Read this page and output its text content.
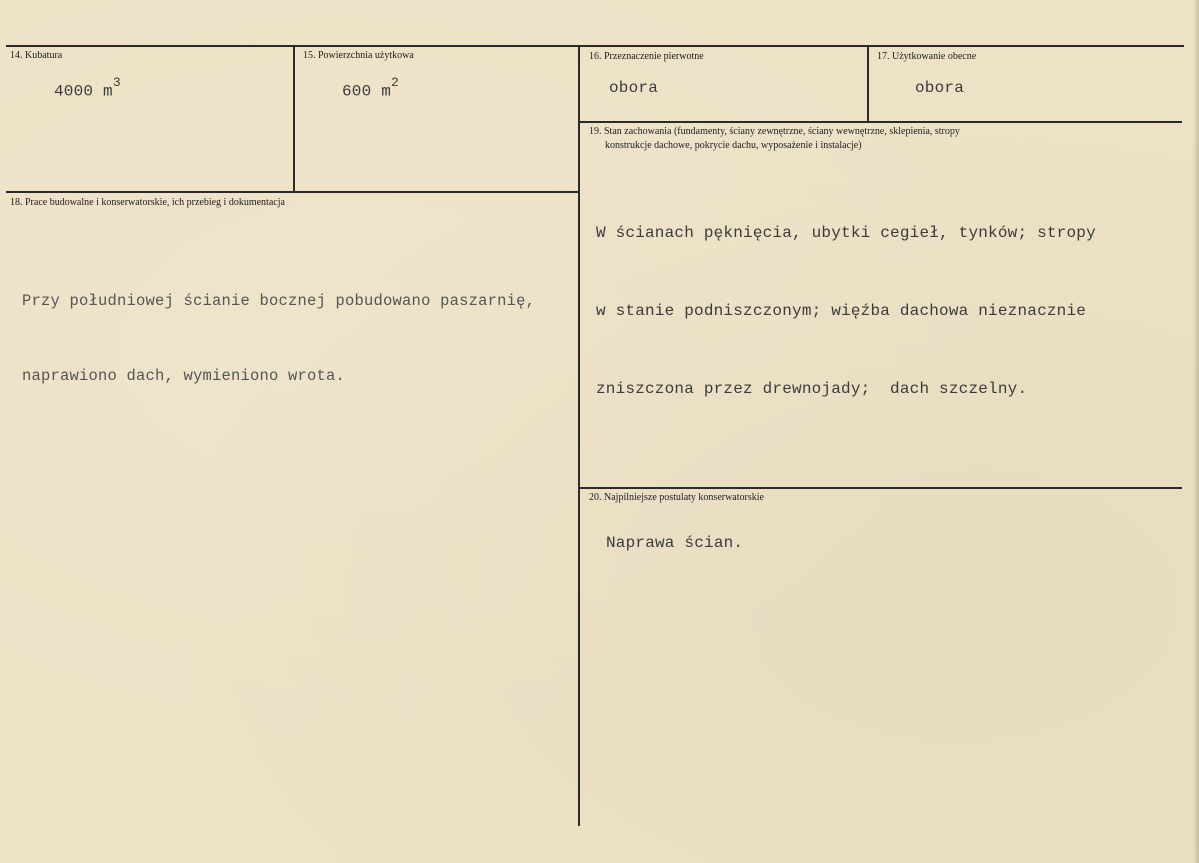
14. Kubatura
4000 $m^3$
15. Powierzchnia użytkowa
600 $m^2$
16. Przeznaczenie pierwotne
obora
17. Użytkowanie obecne
obora
19. Stan zachowania (fundamenty, ściany zewnętrzne, ściany wewnętrzne, sklepienia, stropy
konstrukcje dachowe, pokrycie dachu, wyposażenie i instalacje)

W ścianach pęknięcia, ubytki cegieł, tynków; stropy

w stanie podniszczonym; więźba dachowa nieznacznie

zniszczona przez drewnojady;  dach szczelny.

18. Prace budowalne i konserwatorskie, ich przebieg i dokumentacja

Przy południowej ścianie bocznej pobudowano paszarnię,

naprawiono dach, wymieniono wrota.

20. Najpilniejsze postulaty konserwatorskie
Naprawa ścian.
